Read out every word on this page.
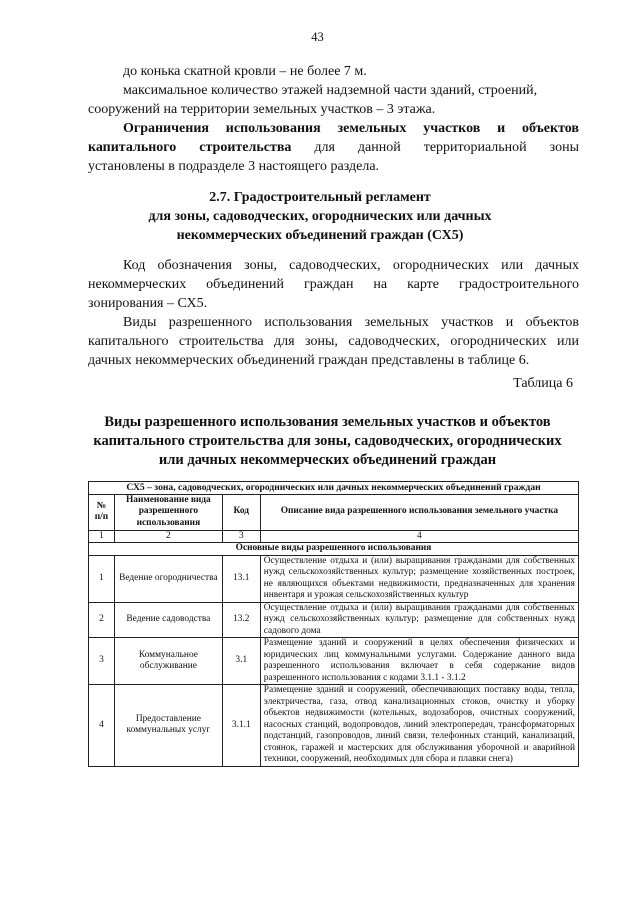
43

до конька скатной кровли – не более 7 м.

максимальное количество этажей надземной части зданий, строений,

сооружений на территории земельных участков – 3 этажа.

Ограничения использования земельных участков и объектов

капитального строительства для данной территориальной зоны

установлены в подразделе 3 настоящего раздела.

2.7. Градостроительный регламент
для зоны, садоводческих, огороднических или дачных
некоммерческих объединений граждан (СХ5)

Код обозначения зоны, садоводческих, огороднических или дачных

некоммерческих объединений граждан на карте градостроительного

зонирования – СХ5.

Виды разрешенного использования земельных участков и объектов

капитального строительства для зоны, садоводческих, огороднических или

дачных некоммерческих объединений граждан представлены в таблице 6.

Таблица 6
Виды разрешенного использования земельных участков и объектов
капитального строительства для зоны, садоводческих, огороднических
или дачных некоммерческих объединений граждан
СХ5 – зона, садоводческих, огороднических или дачных некоммерческих объединений граждан			
№ п/п	Наименование вида разрешенного использования	Код	Описание вида разрешенного использования земельного участка
1	2	3	4
Основные виды разрешенного использования			
1	Ведение огородничества	13.1	Осуществление отдыха и (или) выращивания гражданами для собственных нужд сельскохозяйственных культур; размещение хозяйственных построек, не являющихся объектами недвижимости, предназначенных для хранения инвентаря и урожая сельскохозяйственных культур
2	Ведение садоводства	13.2	Осуществление отдыха и (или) выращивания гражданами для собственных нужд сельскохозяйственных культур; размещение для собственных нужд садового дома
3	Коммунальное обслуживание	3.1	Размещение зданий и сооружений в целях обеспечения физических и юридических лиц коммунальными услугами. Содержание данного вида разрешенного использования включает в себя содержание видов разрешенного использования с кодами 3.1.1 - 3.1.2
4	Предоставление коммунальных услуг	3.1.1	Размещение зданий и сооружений, обеспечивающих поставку воды, тепла, электричества, газа, отвод канализационных стоков, очистку и уборку объектов недвижимости (котельных, водозаборов, очистных сооружений, насосных станций, водопроводов, линий электропередач, трансформаторных подстанций, газопроводов, линий связи, телефонных станций, канализаций, стоянок, гаражей и мастерских для обслуживания уборочной и аварийной техники, сооружений, необходимых для сбора и плавки снега)
